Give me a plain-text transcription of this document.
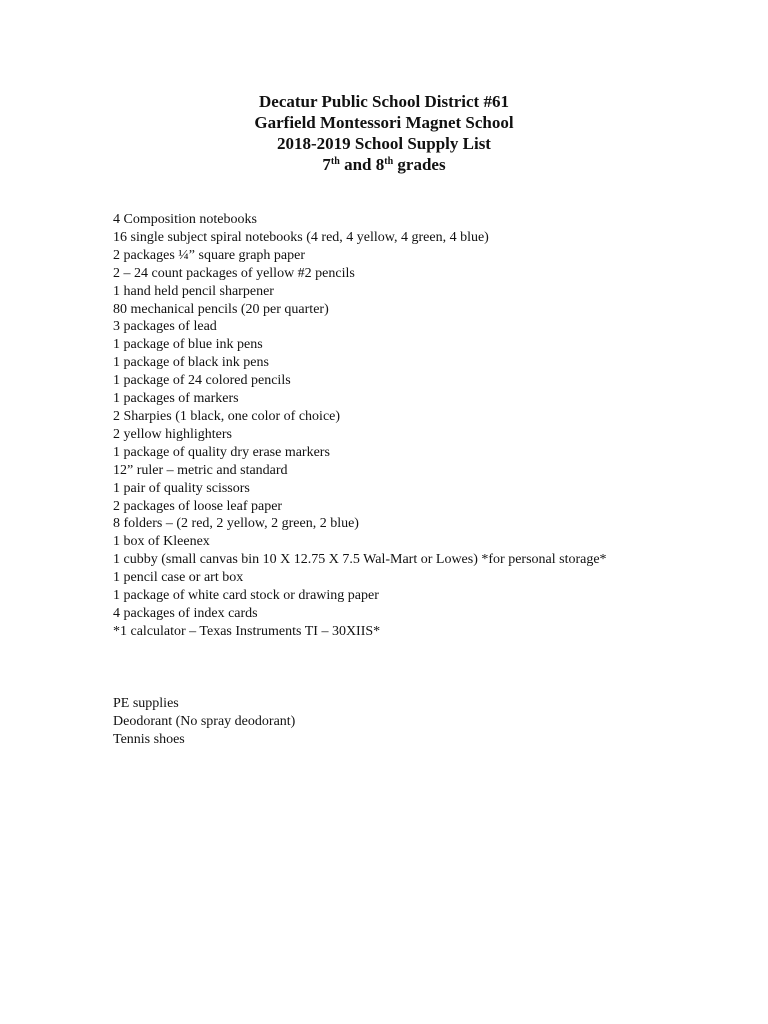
Decatur Public School District #61
Garfield Montessori Magnet School
2018-2019 School Supply List
7th and 8th grades
4 Composition notebooks
16 single subject spiral notebooks (4 red, 4 yellow, 4 green, 4 blue)
2 packages ¼” square graph paper
2 – 24 count packages of yellow #2 pencils
1 hand held pencil sharpener
80 mechanical pencils (20 per quarter)
3 packages of lead
1 package of blue ink pens
1 package of black ink pens
1 package of 24 colored pencils
1 packages of markers
2 Sharpies (1 black, one color of choice)
2 yellow highlighters
1 package of quality dry erase markers
12” ruler – metric and standard
1 pair of quality scissors
2 packages of loose leaf paper
8 folders – (2 red, 2 yellow, 2 green, 2 blue)
1 box of Kleenex
1 cubby (small canvas bin 10 X 12.75 X 7.5 Wal-Mart or Lowes) *for personal storage*
1 pencil case or art box
1 package of white card stock or drawing paper
4 packages of index cards
*1 calculator – Texas Instruments TI – 30XIIS*
PE supplies
Deodorant (No spray deodorant)
Tennis shoes
